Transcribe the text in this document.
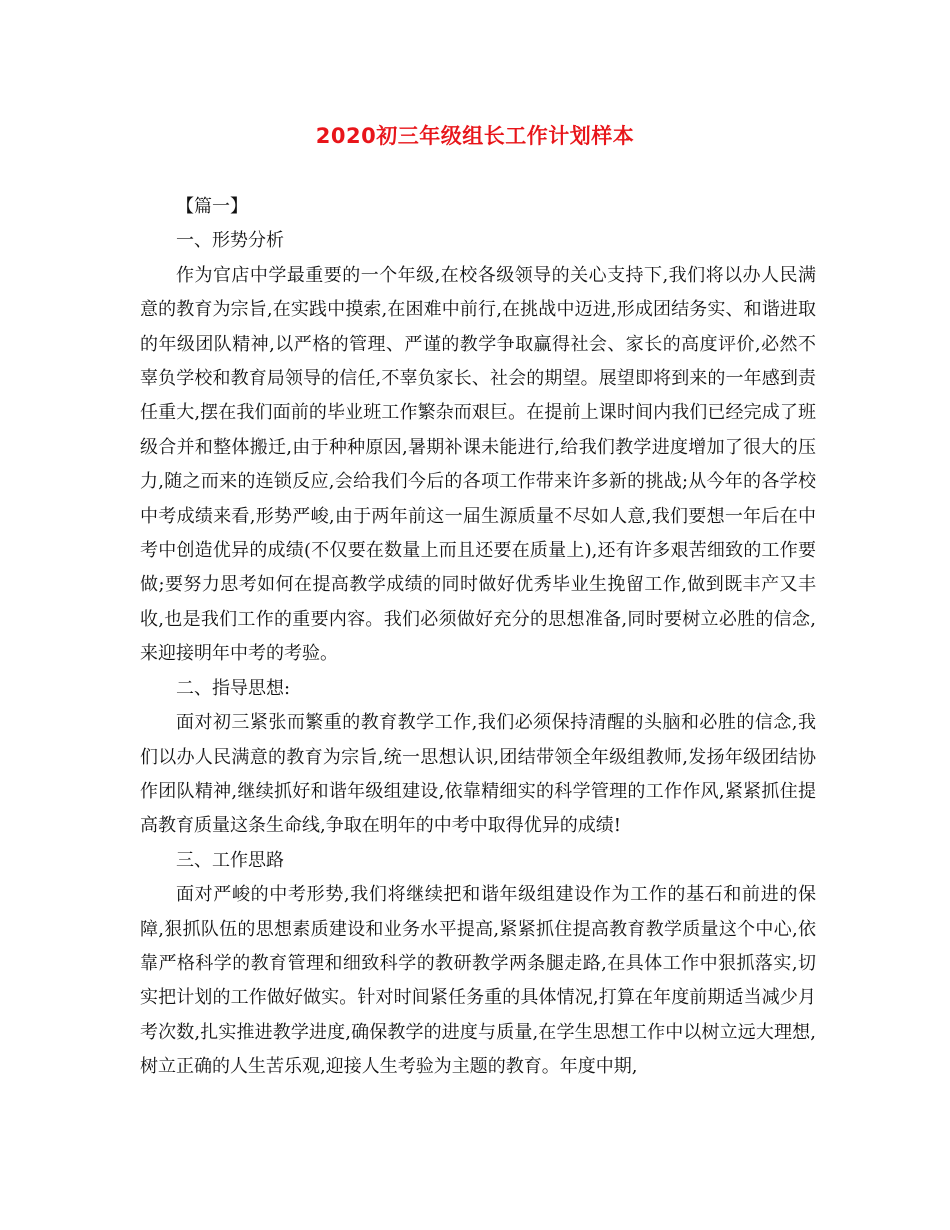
2020初三年级组长工作计划样本

【篇一】

一、形势分析

作为官店中学最重要的一个年级,在校各级领导的关心支持下,我们将以办人民满意的教育为宗旨,在实践中摸索,在困难中前行,在挑战中迈进,形成团结务实、和谐进取的年级团队精神,以严格的管理、严谨的教学争取赢得社会、家长的高度评价,必然不辜负学校和教育局领导的信任,不辜负家长、社会的期望。展望即将到来的一年感到责任重大,摆在我们面前的毕业班工作繁杂而艰巨。在提前上课时间内我们已经完成了班级合并和整体搬迁,由于种种原因,暑期补课未能进行,给我们教学进度增加了很大的压力,随之而来的连锁反应,会给我们今后的各项工作带来许多新的挑战;从今年的各学校中考成绩来看,形势严峻,由于两年前这一届生源质量不尽如人意,我们要想一年后在中考中创造优异的成绩(不仅要在数量上而且还要在质量上),还有许多艰苦细致的工作要做;要努力思考如何在提高教学成绩的同时做好优秀毕业生挽留工作,做到既丰产又丰收,也是我们工作的重要内容。我们必须做好充分的思想准备,同时要树立必胜的信念,来迎接明年中考的考验。

二、指导思想:

面对初三紧张而繁重的教育教学工作,我们必须保持清醒的头脑和必胜的信念,我们以办人民满意的教育为宗旨,统一思想认识,团结带领全年级组教师,发扬年级团结协作团队精神,继续抓好和谐年级组建设,依靠精细实的科学管理的工作作风,紧紧抓住提高教育质量这条生命线,争取在明年的中考中取得优异的成绩!

三、工作思路

面对严峻的中考形势,我们将继续把和谐年级组建设作为工作的基石和前进的保障,狠抓队伍的思想素质建设和业务水平提高,紧紧抓住提高教育教学质量这个中心,依靠严格科学的教育管理和细致科学的教研教学两条腿走路,在具体工作中狠抓落实,切实把计划的工作做好做实。针对时间紧任务重的具体情况,打算在年度前期适当减少月考次数,扎实推进教学进度,确保教学的进度与质量,在学生思想工作中以树立远大理想,树立正确的人生苦乐观,迎接人生考验为主题的教育。年度中期,
